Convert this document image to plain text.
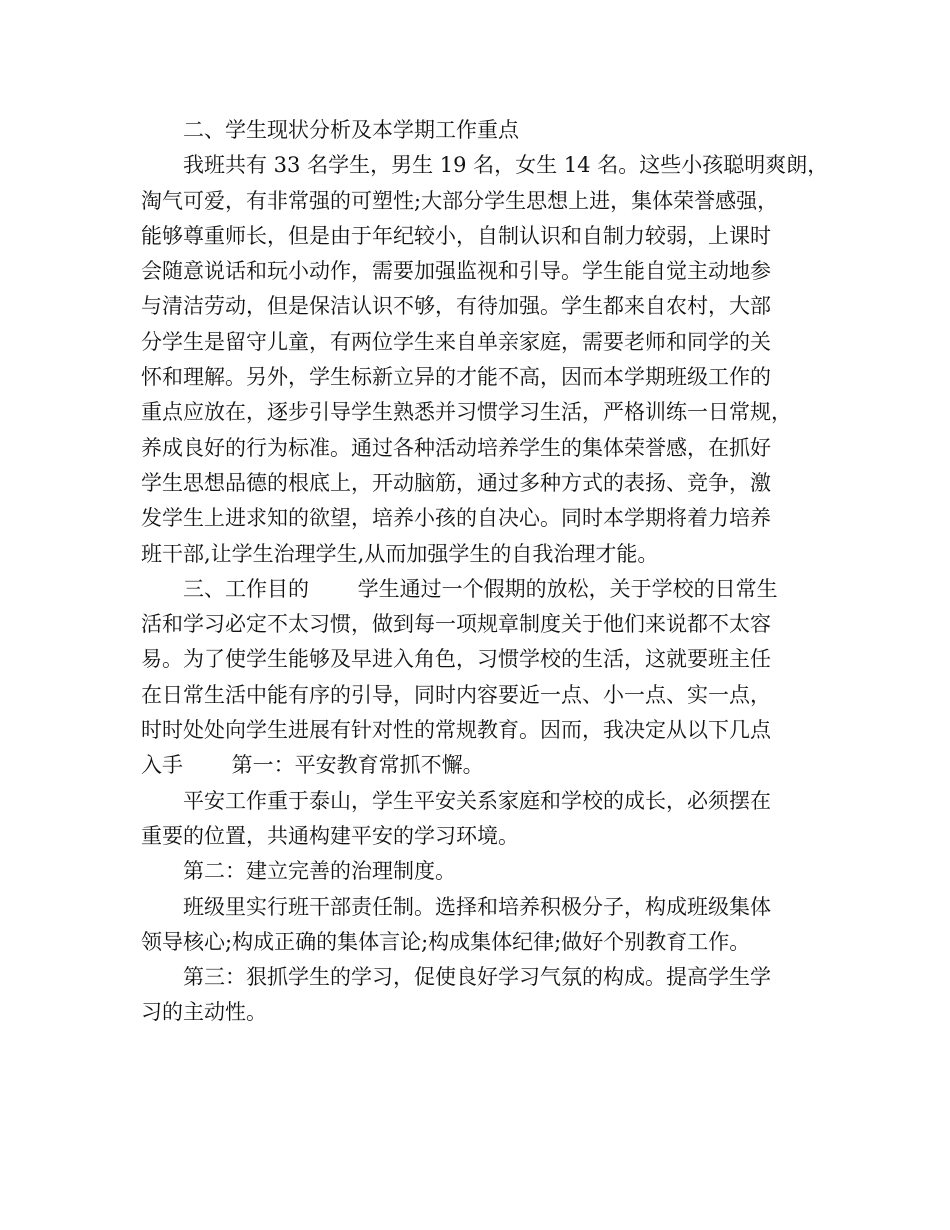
　　二、学生现状分析及本学期工作重点
　　我班共有 33 名学生，男生 19 名，女生 14 名。这些小孩聪明爽朗，
淘气可爱，有非常强的可塑性;大部分学生思想上进，集体荣誉感强，
能够尊重师长，但是由于年纪较小，自制认识和自制力较弱，上课时
会随意说话和玩小动作，需要加强监视和引导。学生能自觉主动地参
与清洁劳动，但是保洁认识不够，有待加强。学生都来自农村，大部
分学生是留守儿童，有两位学生来自单亲家庭，需要老师和同学的关
怀和理解。另外，学生标新立异的才能不高，因而本学期班级工作的
重点应放在，逐步引导学生熟悉并习惯学习生活，严格训练一日常规，
养成良好的行为标准。通过各种活动培养学生的集体荣誉感，在抓好
学生思想品德的根底上，开动脑筋，通过多种方式的表扬、竞争，激
发学生上进求知的欲望，培养小孩的自决心。同时本学期将着力培养
班干部,让学生治理学生,从而加强学生的自我治理才能。
　　三、工作目的　　 学生通过一个假期的放松，关于学校的日常生
活和学习必定不太习惯，做到每一项规章制度关于他们来说都不太容
易。为了使学生能够及早进入角色，习惯学校的生活，这就要班主任
在日常生活中能有序的引导，同时内容要近一点、小一点、实一点，
时时处处向学生进展有针对性的常规教育。因而，我决定从以下几点
入手　　 第一：平安教育常抓不懈。
　　平安工作重于泰山，学生平安关系家庭和学校的成长，必须摆在
重要的位置，共通构建平安的学习环境。
　　第二：建立完善的治理制度。
　　班级里实行班干部责任制。选择和培养积极分子，构成班级集体
领导核心;构成正确的集体言论;构成集体纪律;做好个别教育工作。
　　第三：狠抓学生的学习，促使良好学习气氛的构成。提高学生学
习的主动性。
